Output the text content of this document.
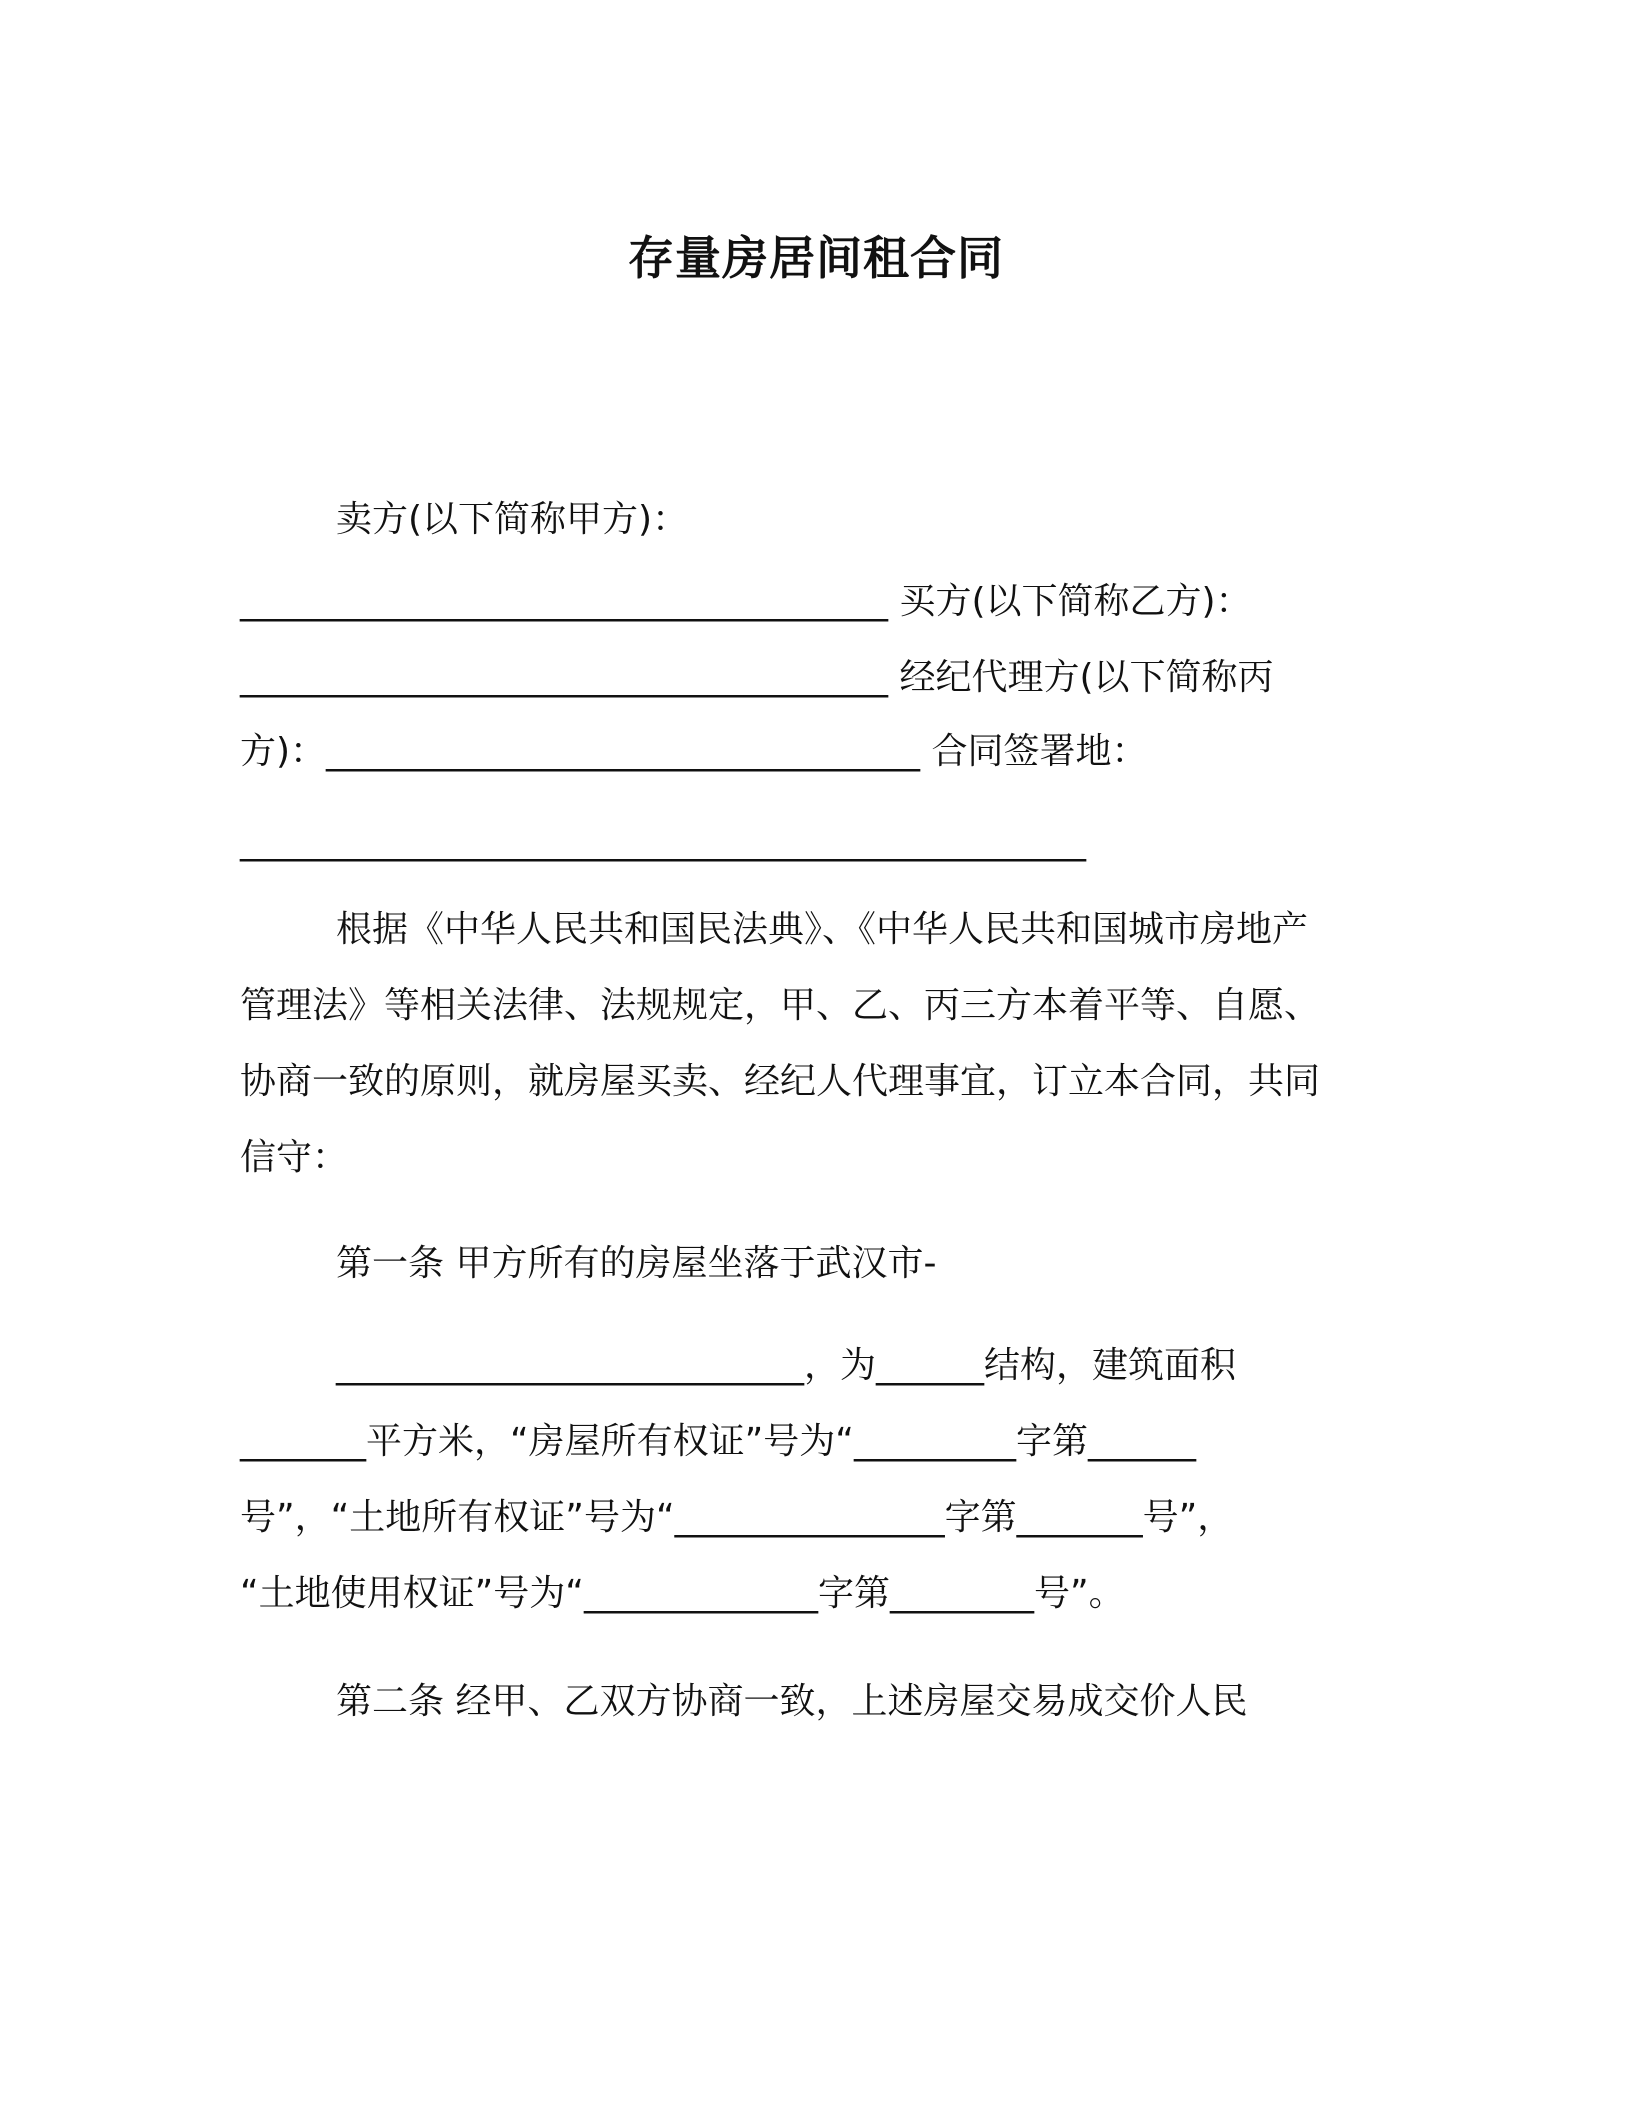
存量房居间租合同
卖方(以下简称甲方)：
____________________________________ 买方(以下简称乙方)：
____________________________________ 经纪代理方(以下简称丙
方)：_________________________________ 合同签署地：
_______________________________________________
根据《中华人民共和国民法典》、《中华人民共和国城市房地产
管理法》等相关法律、法规规定，甲、乙、丙三方本着平等、自愿、
协商一致的原则，就房屋买卖、经纪人代理事宜，订立本合同，共同
信守：
第一条 甲方所有的房屋坐落于武汉市-
__________________________，为______结构，建筑面积
_______平方米，“房屋所有权证”号为“_________字第______
号”，“土地所有权证”号为“_______________字第_______号”，
“土地使用权证”号为“_____________字第________号”。
第二条 经甲、乙双方协商一致，上述房屋交易成交价人民
